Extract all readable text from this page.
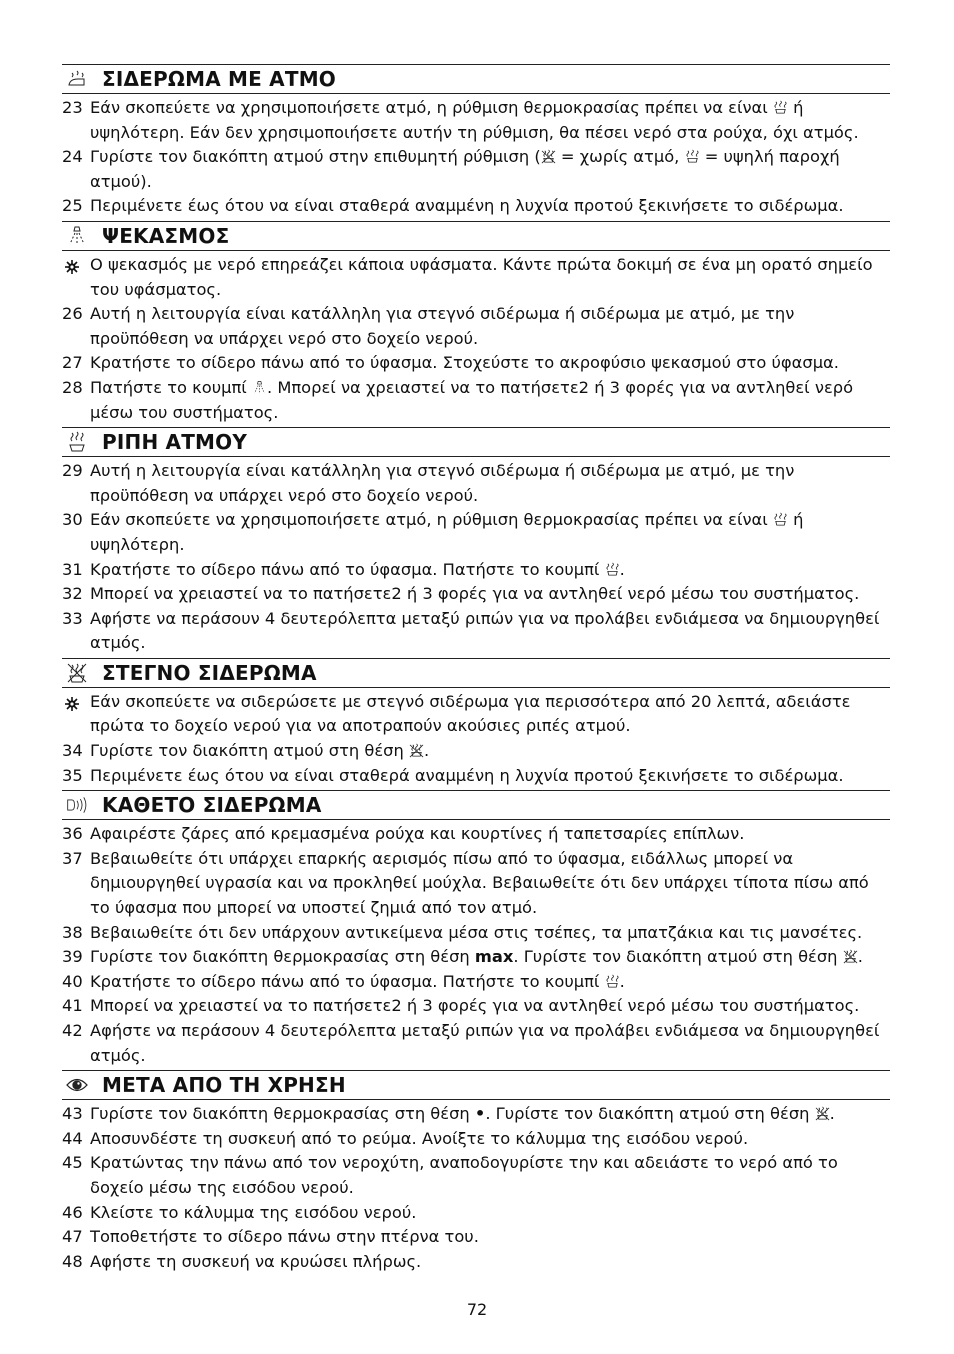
ΣΙΔΕΡΩΜΑ ΜΕ ΑΤΜΟ
23 Εάν σκοπεύετε να χρησιμοποιήσετε ατμό, η ρύθμιση θερμοκρασίας πρέπει να είναι  ή υψηλότερη. Εάν δεν χρησιμοποιήσετε αυτήν τη ρύθμιση, θα πέσει νερό στα ρούχα, όχι ατμός.
24 Γυρίστε τον διακόπτη ατμού στην επιθυμητή ρύθμιση ( = χωρίς ατμό,  = υψηλή παροχή ατμού).
25 Περιμένετε έως ότου να είναι σταθερά αναμμένη η λυχνία προτού ξεκινήσετε το σιδέρωμα.
ΨΕΚΑΣΜΟΣ
Ο ψεκασμός με νερό επηρεάζει κάποια υφάσματα. Κάντε πρώτα δοκιμή σε ένα μη ορατό σημείο του υφάσματος.
26 Αυτή η λειτουργία είναι κατάλληλη για στεγνό σιδέρωμα ή σιδέρωμα με ατμό, με την προϋπόθεση να υπάρχει νερό στο δοχείο νερού.
27 Κρατήστε το σίδερο πάνω από το ύφασμα. Στοχεύστε το ακροφύσιο ψεκασμού στο ύφασμα.
28 Πατήστε το κουμπί . Μπορεί να χρειαστεί να το πατήσετε2 ή 3 φορές για να αντληθεί νερό μέσω του συστήματος.
ΡΙΠΗ ΑΤΜΟΥ
29 Αυτή η λειτουργία είναι κατάλληλη για στεγνό σιδέρωμα ή σιδέρωμα με ατμό, με την προϋπόθεση να υπάρχει νερό στο δοχείο νερού.
30 Εάν σκοπεύετε να χρησιμοποιήσετε ατμό, η ρύθμιση θερμοκρασίας πρέπει να είναι  ή υψηλότερη.
31 Κρατήστε το σίδερο πάνω από το ύφασμα. Πατήστε το κουμπί .
32 Μπορεί να χρειαστεί να το πατήσετε2 ή 3 φορές για να αντληθεί νερό μέσω του συστήματος.
33 Αφήστε να περάσουν 4 δευτερόλεπτα μεταξύ ριπών για να προλάβει ενδιάμεσα να δημιουργηθεί ατμός.
ΣΤΕΓΝΟ ΣΙΔΕΡΩΜΑ
Εάν σκοπεύετε να σιδερώσετε με στεγνό σιδέρωμα για περισσότερα από 20 λεπτά, αδειάστε πρώτα το δοχείο νερού για να αποτραπούν ακούσιες ριπές ατμού.
34 Γυρίστε τον διακόπτη ατμού στη θέση .
35 Περιμένετε έως ότου να είναι σταθερά αναμμένη η λυχνία προτού ξεκινήσετε το σιδέρωμα.
ΚΑΘΕΤΟ ΣΙΔΕΡΩΜΑ
36 Αφαιρέστε ζάρες από κρεμασμένα ρούχα και κουρτίνες ή ταπετσαρίες επίπλων.
37 Βεβαιωθείτε ότι υπάρχει επαρκής αερισμός πίσω από το ύφασμα, ειδάλλως μπορεί να δημιουργηθεί υγρασία και να προκληθεί μούχλα. Βεβαιωθείτε ότι δεν υπάρχει τίποτα πίσω από το ύφασμα που μπορεί να υποστεί ζημιά από τον ατμό.
38 Βεβαιωθείτε ότι δεν υπάρχουν αντικείμενα μέσα στις τσέπες, τα μπατζάκια και τις μανσέτες.
39 Γυρίστε τον διακόπτη θερμοκρασίας στη θέση max. Γυρίστε τον διακόπτη ατμού στη θέση .
40 Κρατήστε το σίδερο πάνω από το ύφασμα. Πατήστε το κουμπί .
41 Μπορεί να χρειαστεί να το πατήσετε2 ή 3 φορές για να αντληθεί νερό μέσω του συστήματος.
42 Αφήστε να περάσουν 4 δευτερόλεπτα μεταξύ ριπών για να προλάβει ενδιάμεσα να δημιουργηθεί ατμός.
ΜΕΤΑ ΑΠΟ ΤΗ ΧΡΗΣΗ
43 Γυρίστε τον διακόπτη θερμοκρασίας στη θέση •. Γυρίστε τον διακόπτη ατμού στη θέση .
44 Αποσυνδέστε τη συσκευή από το ρεύμα. Ανοίξτε το κάλυμμα της εισόδου νερού.
45 Κρατώντας την πάνω από τον νεροχύτη, αναποδογυρίστε την και αδειάστε το νερό από το δοχείο μέσω της εισόδου νερού.
46 Κλείστε το κάλυμμα της εισόδου νερού.
47 Τοποθετήστε το σίδερο πάνω στην πτέρνα του.
48 Αφήστε τη συσκευή να κρυώσει πλήρως.
72
